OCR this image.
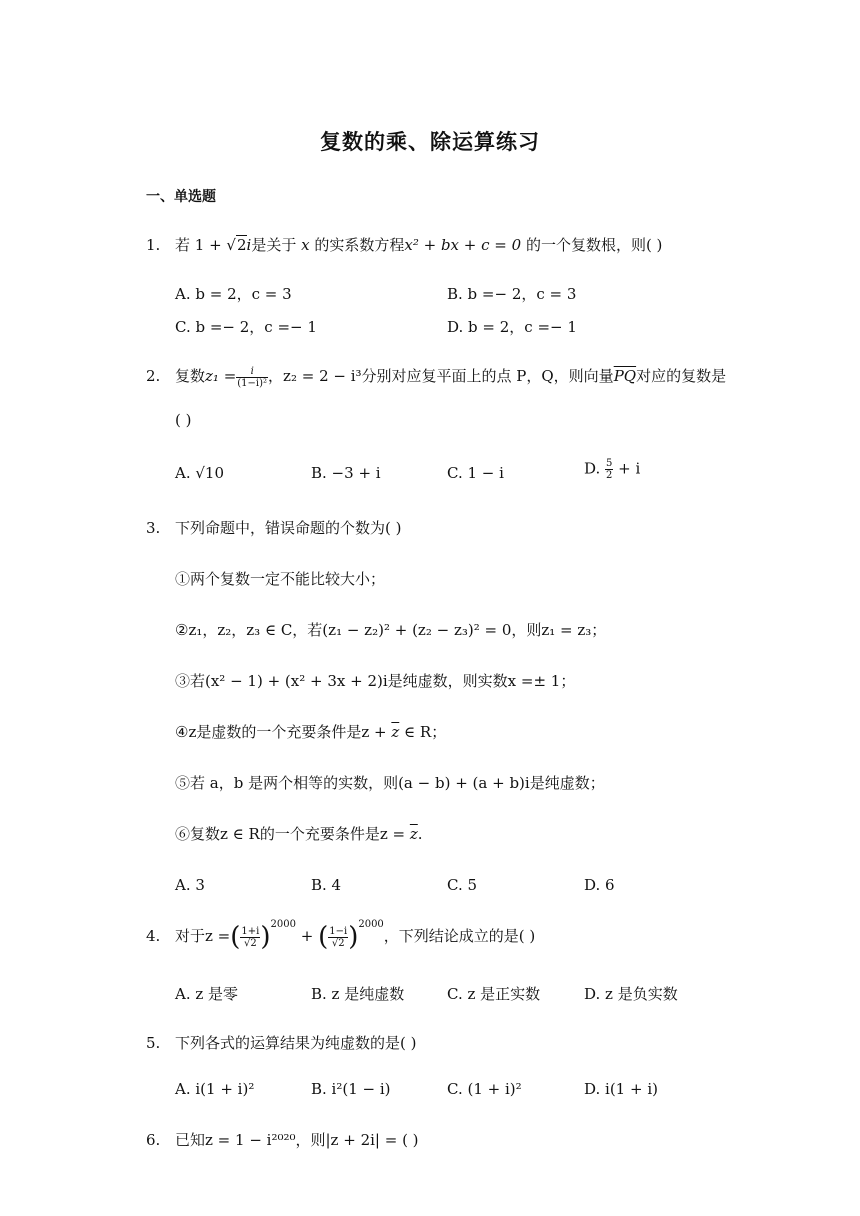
复数的乘、除运算练习
一、单选题
1. 若 1 + √2i是关于 x 的实系数方程x² + bx + c = 0 的一个复数根，则( )
A. b = 2，c = 3	B. b =− 2，c = 3
C. b =− 2，c =− 1	D. b = 2，c =− 1
2. 复数$z_1 = \frac{i}{\text{(1−i)²}}$ ，z₂ = 2 − i³分别对应复平面上的点 P，Q，则向量$\overline{PQ}$对应的复数是
( )
A. √10	B. −3 + i	C. 1 − i	D. $\frac{5}{2} + i$
3. 下列命题中，错误命题的个数为( )
①两个复数一定不能比较大小；
②z₁，z₂，z₃ ∈ C，若(z₁ − z₂)² + (z₂ − z₃)² = 0，则z₁ = z₃；
③若(x² − 1) + (x² + 3x + 2)i是纯虚数，则实数x =± 1；
④z是虚数的一个充要条件是$z + \overline{z}$ ∈ R；
⑤若 a，b 是两个相等的实数，则(a − b) + (a + b)i是纯虚数；
⑥复数z ∈ R的一个充要条件是$z = \overline{z}$.
A. 3	B. 4	C. 5	D. 6
4. 对于z =( $\frac{1+i}{√2} )^{2000}$ + ( $\frac{1-i}{√2} )^{2000}$，下列结论成立的是( )
A. z 是零	B. z 是纯虚数	C. z 是正实数	D. z 是负实数
5. 下列各式的运算结果为纯虚数的是( )
A. i(1 + i)²	B. i²(1 − i)	C. (1 + i)²	D. i(1 + i)
6. 已知z = 1 − i²⁰²⁰，则|z + 2i| = ( )
